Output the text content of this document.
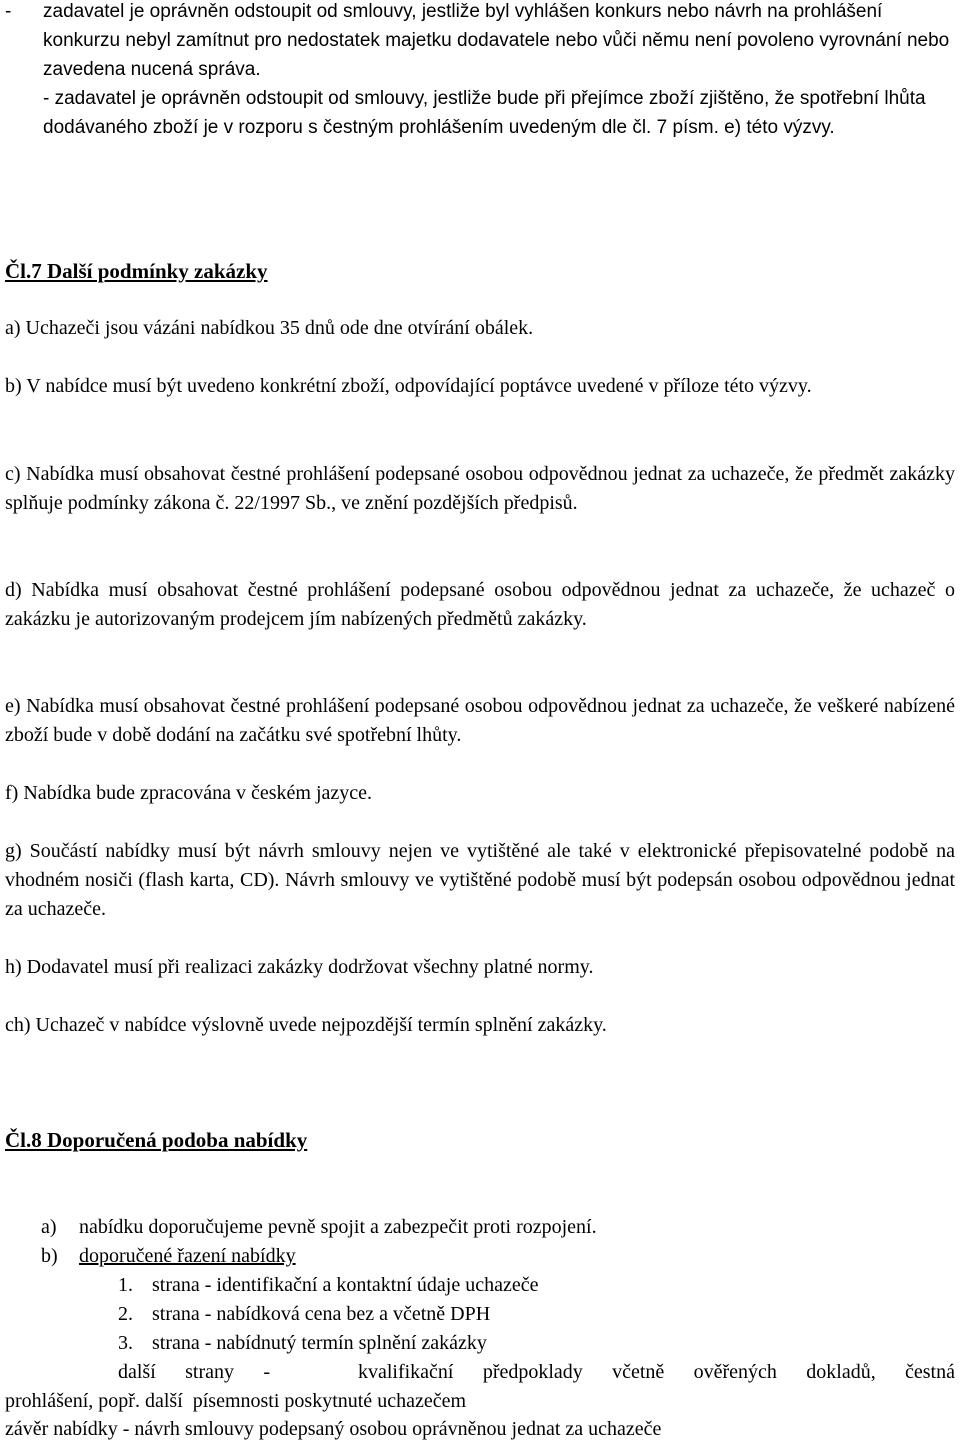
-	zadavatel je oprávněn odstoupit od smlouvy, jestliže byl vyhlášen konkurs nebo návrh na prohlášení konkurzu nebyl zamítnut pro nedostatek majetku dodavatele nebo vůči němu není povoleno vyrovnání nebo zavedena nucená správa.
- zadavatel je oprávněn odstoupit od smlouvy, jestliže bude při přejímce zboží zjištěno, že spotřební lhůta dodávaného zboží je v rozporu s čestným prohlášením uvedeným dle čl. 7 písm. e) této výzvy.
Čl.7 Další podmínky zakázky

a) Uchazeči jsou vázáni nabídkou 35 dnů ode dne otvírání obálek.

b) V nabídce musí být uvedeno konkrétní zboží, odpovídající poptávce uvedené v příloze této výzvy.

c) Nabídka musí obsahovat čestné prohlášení podepsané osobou odpovědnou jednat za uchazeče, že předmět zakázky splňuje podmínky zákona č. 22/1997 Sb., ve znění pozdějších předpisů.

d) Nabídka musí obsahovat čestné prohlášení podepsané osobou odpovědnou jednat za uchazeče, že uchazeč o zakázku je autorizovaným prodejcem jím nabízených předmětů zakázky.

e) Nabídka musí obsahovat čestné prohlášení podepsané osobou odpovědnou jednat za uchazeče, že veškeré nabízené zboží bude v době dodání na začátku své spotřební lhůty.

f) Nabídka bude zpracována v českém jazyce.

g) Součástí nabídky musí být návrh smlouvy nejen ve vytištěné ale také v elektronické přepisovatelné podobě na vhodném nosiči (flash karta, CD). Návrh smlouvy ve vytištěné podobě musí být podepsán osobou odpovědnou jednat za uchazeče.

h) Dodavatel musí při realizaci zakázky dodržovat všechny platné normy.

ch) Uchazeč v nabídce výslovně uvede nejpozdější termín splnění zakázky.

Čl.8 Doporučená podoba nabídky
a) nabídku doporučujeme pevně spojit a zabezpečit proti rozpojení.
b) doporučené řazení nabídky
1. strana - identifikační a kontaktní údaje uchazeče
2. strana - nabídková cena bez a včetně DPH
3. strana - nabídnutý termín splnění zakázky
další strany -   kvalifikační předpoklady včetně ověřených dokladů, čestná
prohlášení, popř. další  písemnosti poskytnuté uchazečem
závěr nabídky - návrh smlouvy podepsaný osobou oprávněnou jednat za uchazeče
